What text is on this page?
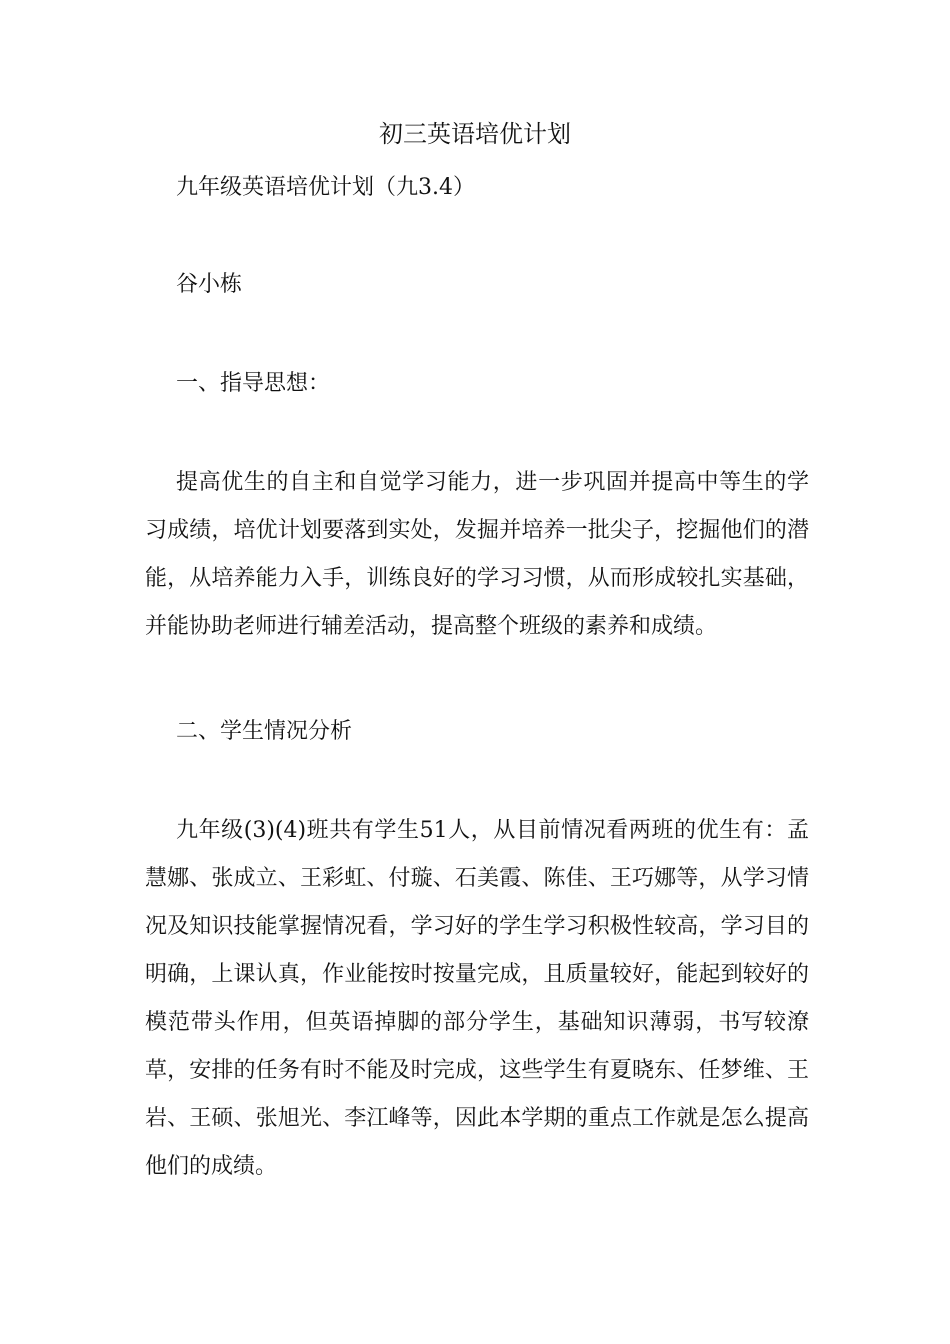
初三英语培优计划
九年级英语培优计划（九3.4）
谷小栋
一、指导思想：
提高优生的自主和自觉学习能力，进一步巩固并提高中等生的学习成绩，培优计划要落到实处，发掘并培养一批尖子，挖掘他们的潜能，从培养能力入手，训练良好的学习习惯，从而形成较扎实基础，并能协助老师进行辅差活动，提高整个班级的素养和成绩。
二、学生情况分析
九年级(3)(4)班共有学生51人，从目前情况看两班的优生有：孟慧娜、张成立、王彩虹、付璇、石美霞、陈佳、王巧娜等，从学习情况及知识技能掌握情况看，学习好的学生学习积极性较高，学习目的明确，上课认真，作业能按时按量完成，且质量较好，能起到较好的模范带头作用，但英语掉脚的部分学生，基础知识薄弱，书写较潦草，安排的任务有时不能及时完成，这些学生有夏晓东、任梦维、王岩、王硕、张旭光、李江峰等，因此本学期的重点工作就是怎么提高他们的成绩。
